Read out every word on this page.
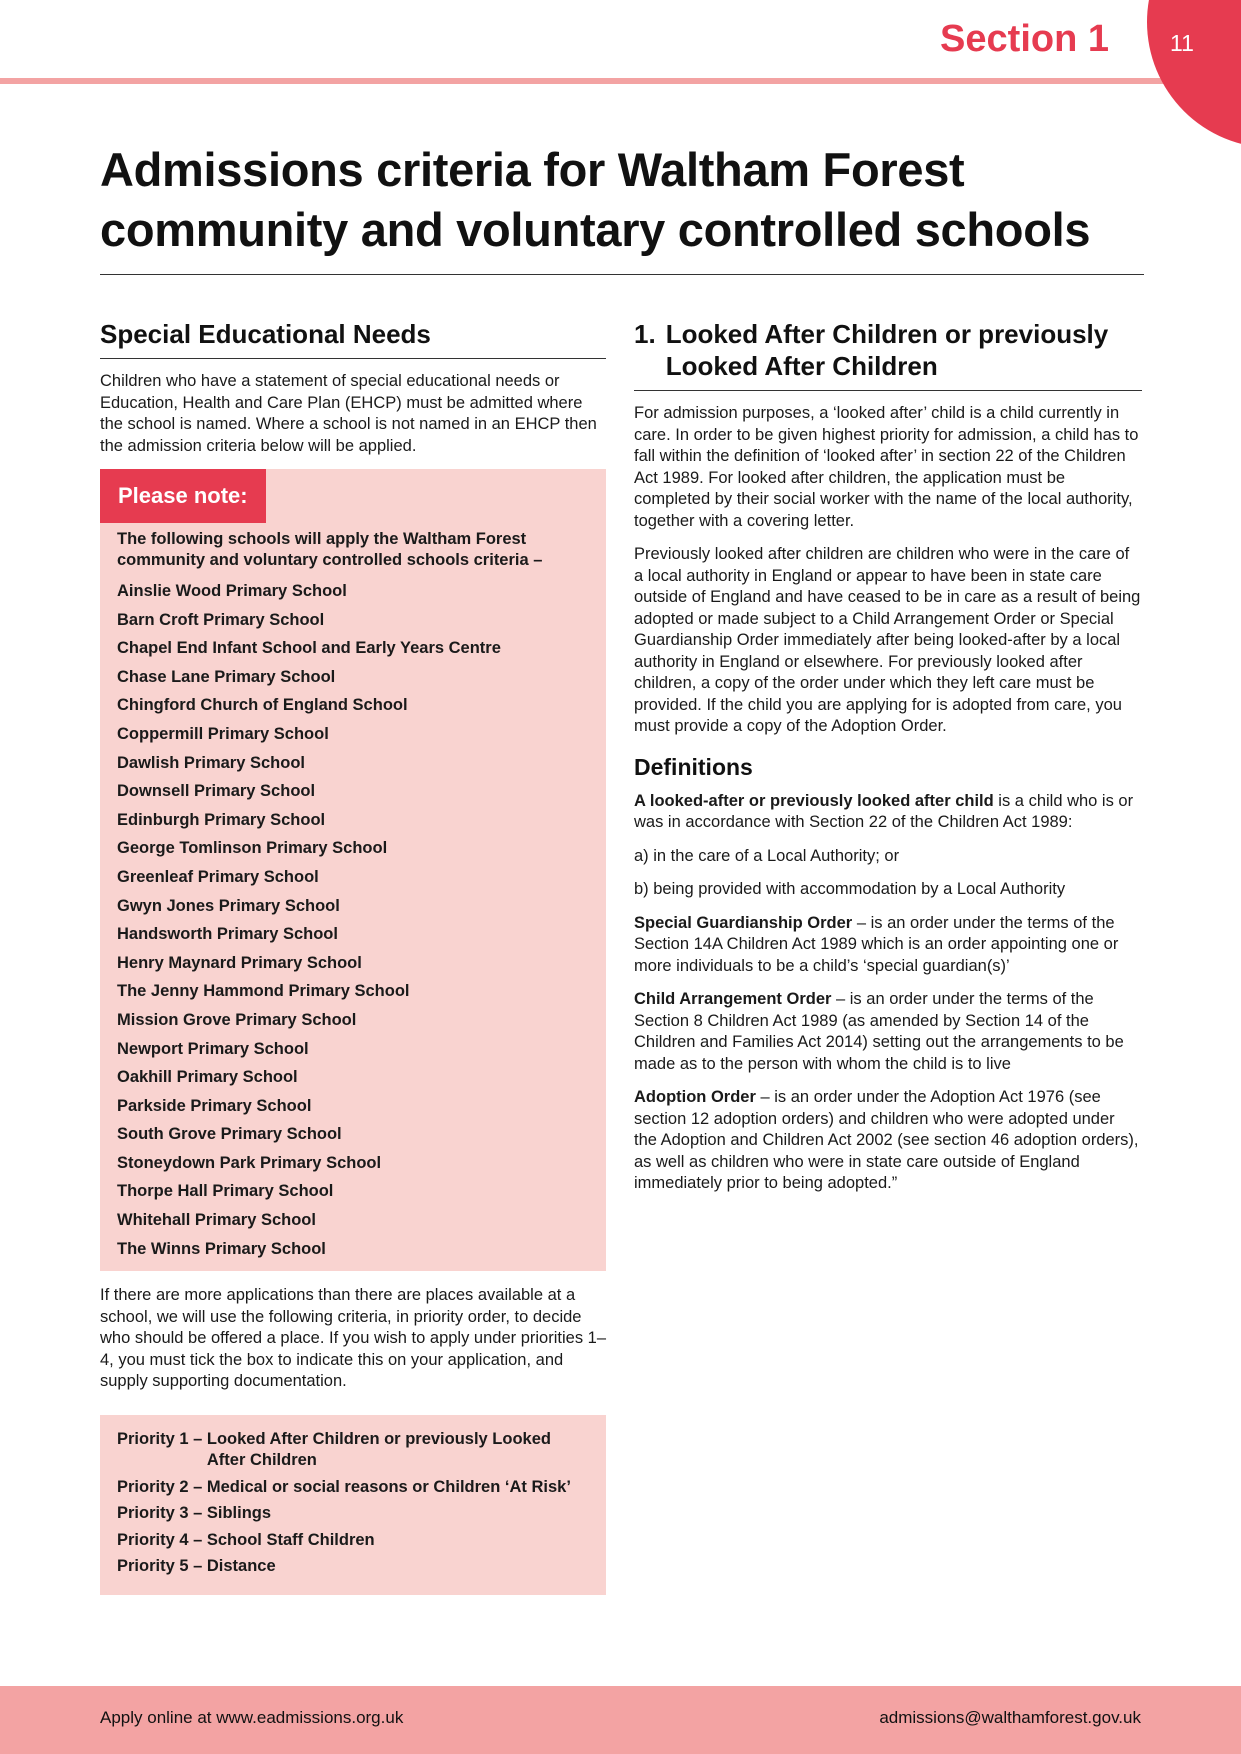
Section 1	11
Admissions criteria for Waltham Forest community and voluntary controlled schools
Special Educational Needs

Children who have a statement of special educational needs or Education, Health and Care Plan (EHCP) must be admitted where the school is named. Where a school is not named in an EHCP then the admission criteria below will be applied.

Please note:
The following schools will apply the Waltham Forest community and voluntary controlled schools criteria –
Ainslie Wood Primary School
Barn Croft Primary School
Chapel End Infant School and Early Years Centre
Chase Lane Primary School
Chingford Church of England School
Coppermill Primary School
Dawlish Primary School
Downsell Primary School
Edinburgh Primary School
George Tomlinson Primary School
Greenleaf Primary School
Gwyn Jones Primary School
Handsworth Primary School
Henry Maynard Primary School
The Jenny Hammond Primary School
Mission Grove Primary School
Newport Primary School
Oakhill Primary School
Parkside Primary School
South Grove Primary School
Stoneydown Park Primary School
Thorpe Hall Primary School
Whitehall Primary School
The Winns Primary School

If there are more applications than there are places available at a school, we will use the following criteria, in priority order, to decide who should be offered a place. If you wish to apply under priorities 1–4, you must tick the box to indicate this on your application, and supply supporting documentation.

Priority 1 – Looked After Children or previously Looked After Children
Priority 2 – Medical or social reasons or Children ‘At Risk’
Priority 3 – Siblings
Priority 4 – School Staff Children
Priority 5 – Distance
1. Looked After Children or previously Looked After Children

For admission purposes, a ‘looked after’ child is a child currently in care. In order to be given highest priority for admission, a child has to fall within the definition of ‘looked after’ in section 22 of the Children Act 1989. For looked after children, the application must be completed by their social worker with the name of the local authority, together with a covering letter.

Previously looked after children are children who were in the care of a local authority in England or appear to have been in state care outside of England and have ceased to be in care as a result of being adopted or made subject to a Child Arrangement Order or Special Guardianship Order immediately after being looked-after by a local authority in England or elsewhere. For previously looked after children, a copy of the order under which they left care must be provided. If the child you are applying for is adopted from care, you must provide a copy of the Adoption Order.

Definitions

A looked-after or previously looked after child is a child who is or was in accordance with Section 22 of the Children Act 1989:

a) in the care of a Local Authority; or

b) being provided with accommodation by a Local Authority

Special Guardianship Order – is an order under the terms of the Section 14A Children Act 1989 which is an order appointing one or more individuals to be a child’s ‘special guardian(s)’

Child Arrangement Order – is an order under the terms of the Section 8 Children Act 1989 (as amended by Section 14 of the Children and Families Act 2014) setting out the arrangements to be made as to the person with whom the child is to live

Adoption Order – is an order under the Adoption Act 1976 (see section 12 adoption orders) and children who were adopted under the Adoption and Children Act 2002 (see section 46 adoption orders), as well as children who were in state care outside of England immediately prior to being adopted.”

Apply online at www.eadmissions.org.uk	admissions@walthamforest.gov.uk
